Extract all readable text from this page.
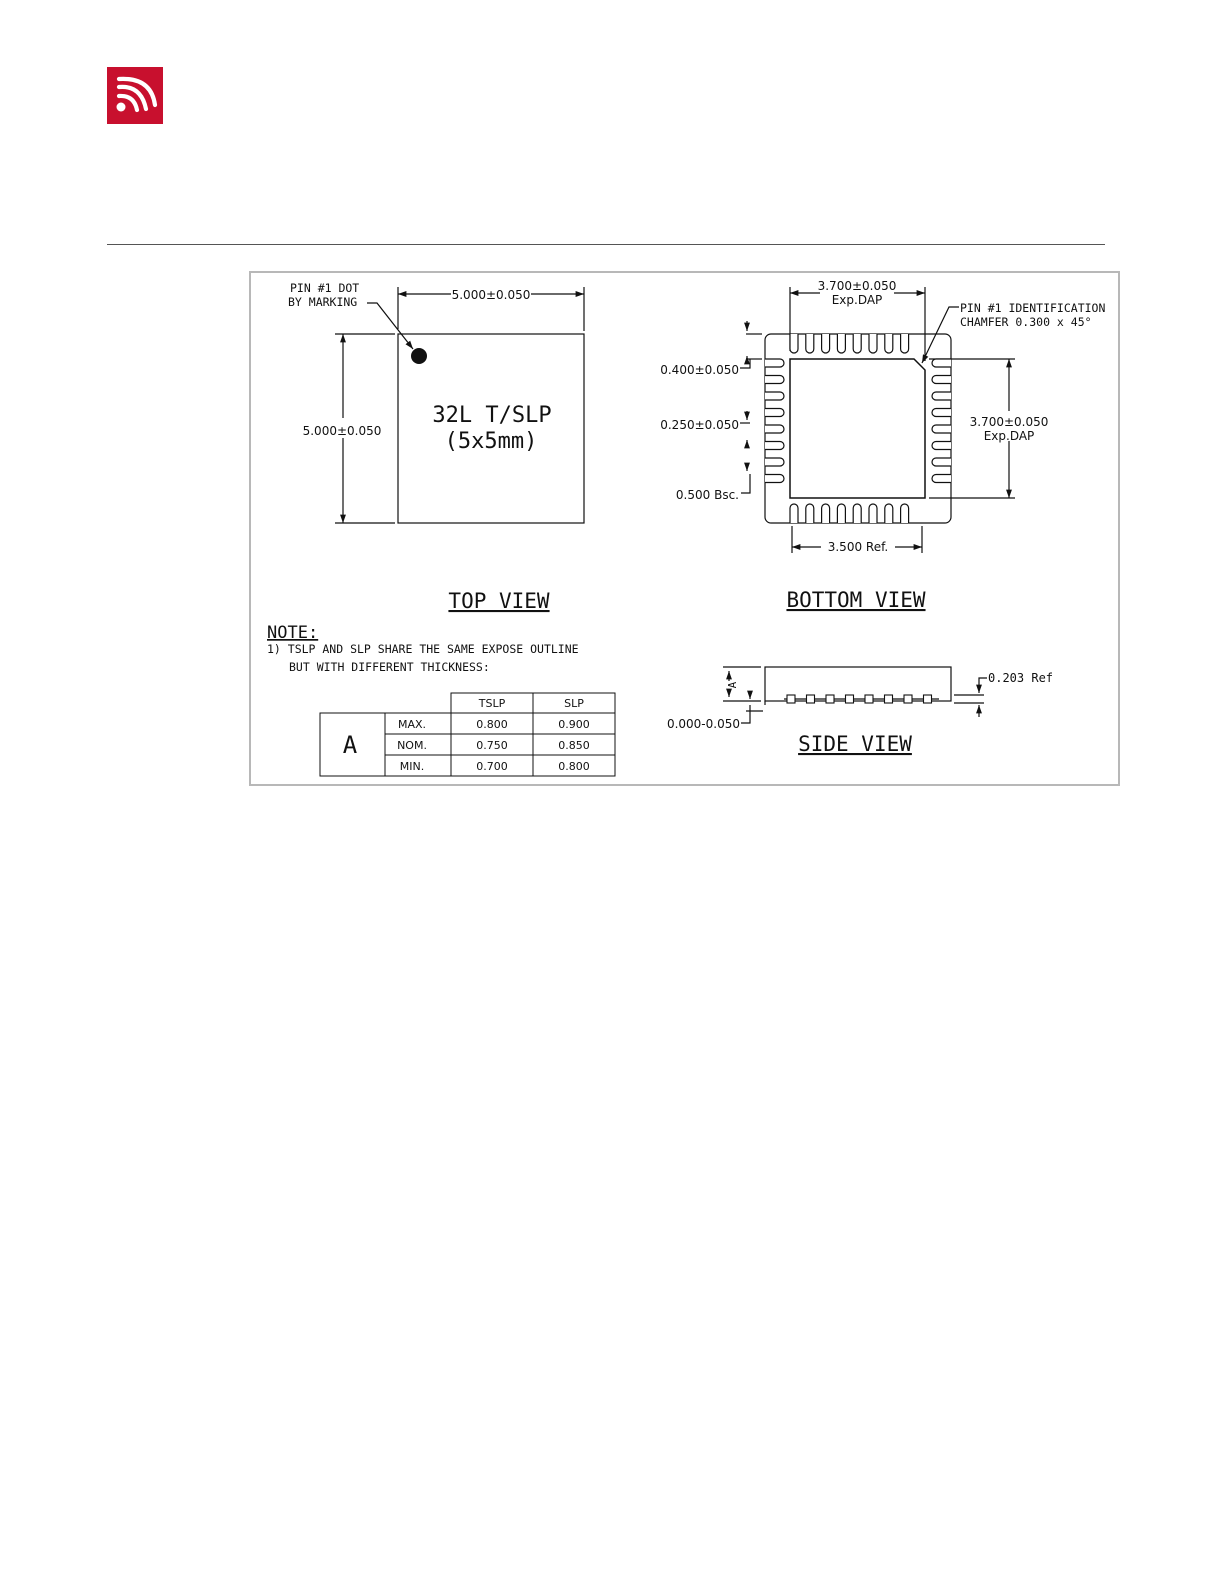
PIN #1 DOT
BY MARKING	5.000±0.050
5.000±0.050
32L T/SLP
(5x5mm)
TOP VIEW
3.700±0.050
Exp.DAP
PIN #1 IDENTIFICATION
CHAMFER 0.300 x 45°
0.400±0.050
0.250±0.050
0.500 Bsc.
3.700±0.050
Exp.DAP
3.500 Ref.
BOTTOM VIEW
NOTE:
1) TSLP AND SLP SHARE THE SAME EXPOSE OUTLINE
BUT WITH DIFFERENT THICKNESS:
TSLP	SLP
A
MAX.	0.800	0.900
NOM.	0.750	0.850
MIN.	0.700	0.800
A
0.000-0.050
0.203 Ref
SIDE VIEW
